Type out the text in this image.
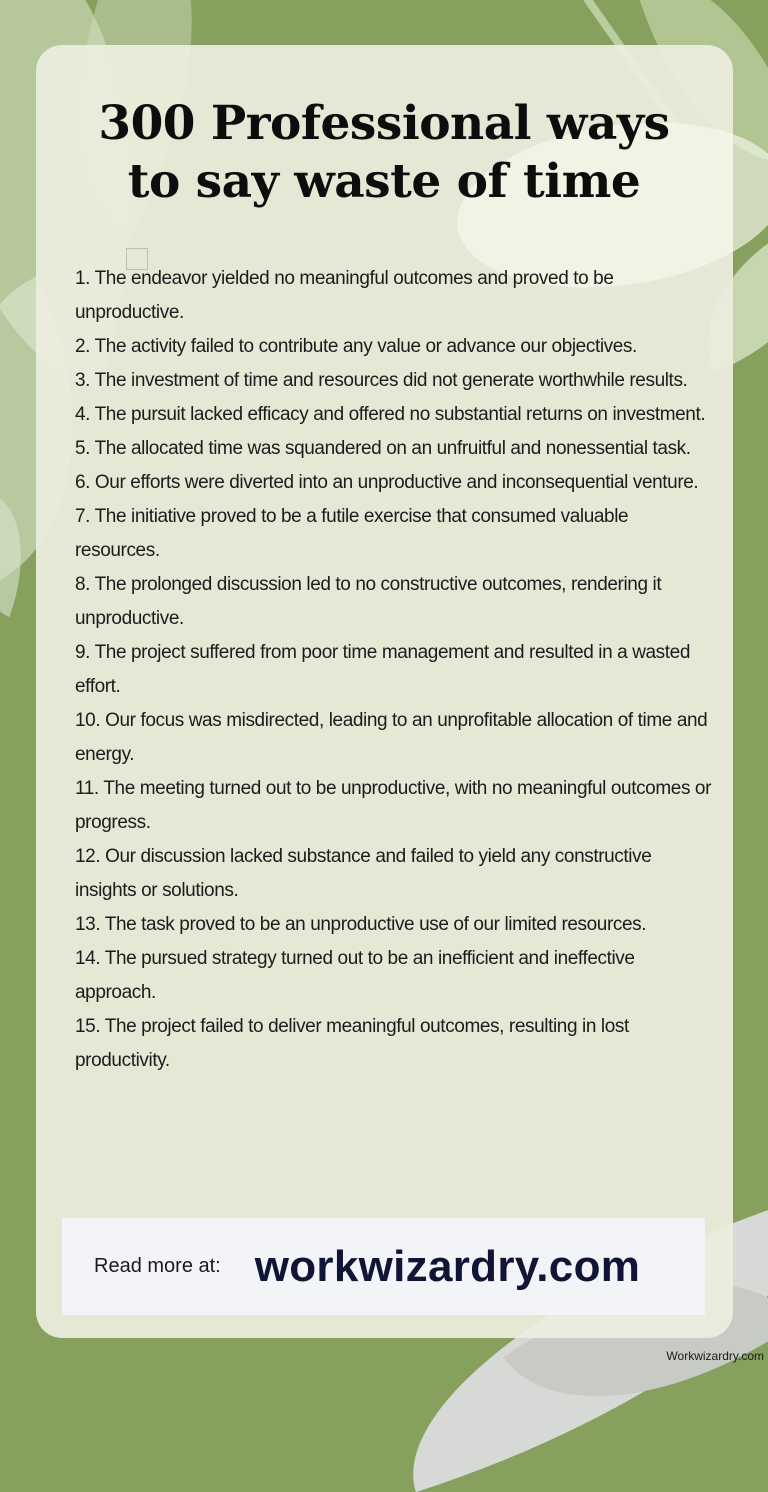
300 Professional ways
to say waste of time

1. The endeavor yielded no meaningful outcomes and proved to be unproductive.

2. The activity failed to contribute any value or advance our objectives.

3. The investment of time and resources did not generate worthwhile results.

4. The pursuit lacked efficacy and offered no substantial returns on investment.

5. The allocated time was squandered on an unfruitful and nonessential task.

6. Our efforts were diverted into an unproductive and inconsequential venture.

7. The initiative proved to be a futile exercise that consumed valuable resources.

8. The prolonged discussion led to no constructive outcomes, rendering it unproductive.

9. The project suffered from poor time management and resulted in a wasted effort.

10. Our focus was misdirected, leading to an unprofitable allocation of time and energy.

11. The meeting turned out to be unproductive, with no meaningful outcomes or progress.

12. Our discussion lacked substance and failed to yield any constructive insights or solutions.

13. The task proved to be an unproductive use of our limited resources.

14. The pursued strategy turned out to be an inefficient and ineffective approach.

15. The project failed to deliver meaningful outcomes, resulting in lost productivity.

Read more at: workwizardry.com
Workwizardry.com
